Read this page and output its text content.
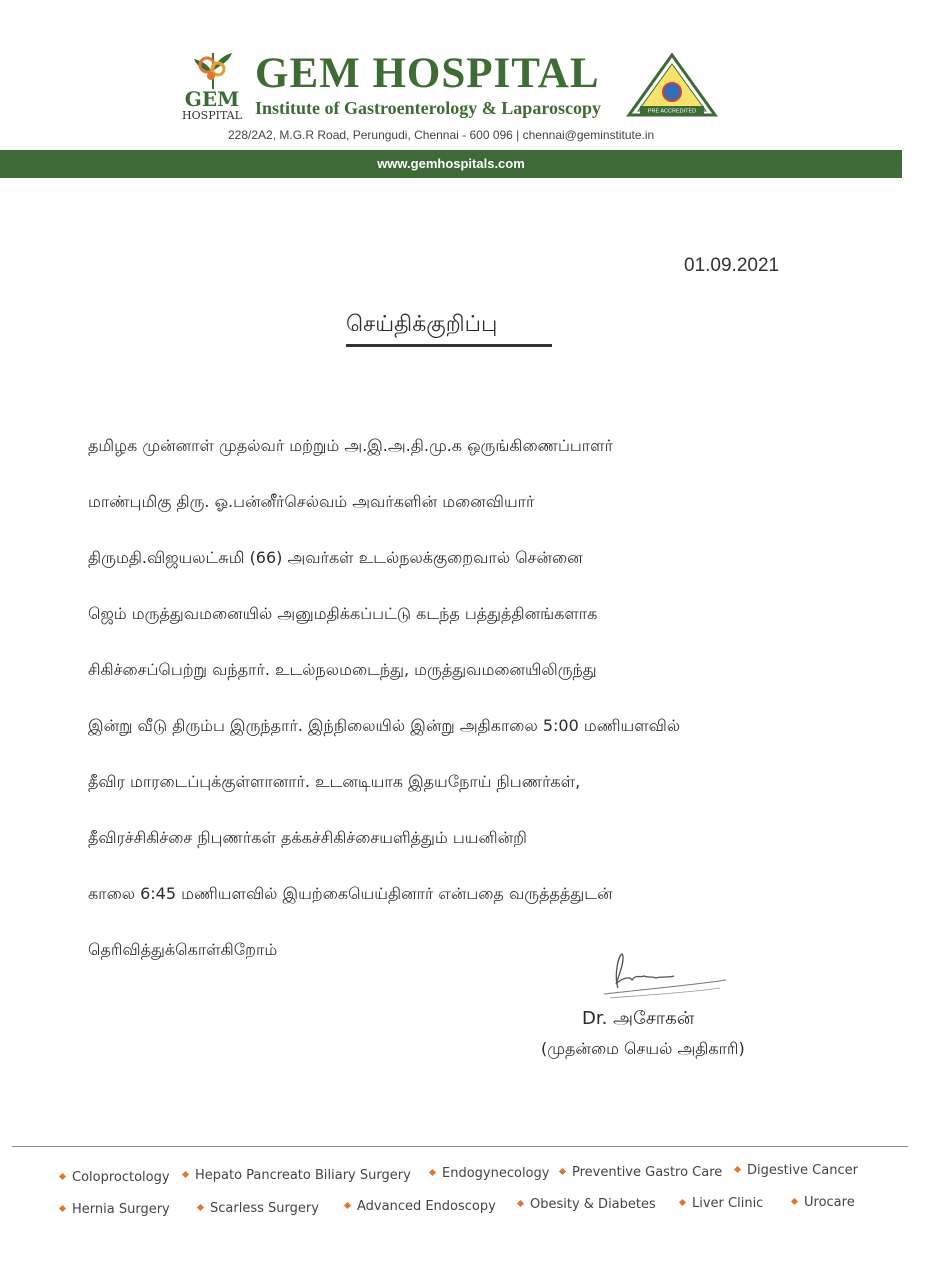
GEM
HOSPITAL
GEM HOSPITAL
Institute of Gastroenterology & Laparoscopy
228/2A2, M.G.R Road, Perungudi, Chennai - 600 096 | chennai@geminstitute.in
PRE ACCREDITED
www.gemhospitals.com
01.09.2021
செய்திக்குறிப்பு
தமிழக முன்னாள் முதல்வர் மற்றும் அ.இ.அ.தி.மு.க ஒருங்கிணைப்பாளர்
மாண்புமிகு திரு. ஓ.பன்னீர்செல்வம் அவர்களின் மனைவியார்
திருமதி.விஜயலட்சுமி (66) அவர்கள் உடல்நலக்குறைவால் சென்னை
ஜெம் மருத்துவமனையில் அனுமதிக்கப்பட்டு கடந்த பத்துத்தினங்களாக
சிகிச்சைப்பெற்று வந்தார். உடல்நலமடைந்து, மருத்துவமனையிலிருந்து
இன்று வீடு திரும்ப இருந்தார். இந்நிலையில் இன்று அதிகாலை 5:00 மணியளவில்
தீவிர மாரடைப்புக்குள்ளானார். உடனடியாக இதயநோய் நிபணர்கள்,
தீவிரச்சிகிச்சை நிபுணர்கள் தக்கச்சிகிச்சையளித்தும் பயனின்றி
காலை 6:45 மணியளவில் இயற்கையெய்தினார் என்பதை வருத்தத்துடன்
தெரிவித்துக்கொள்கிறோம்
Dr. அசோகன்
(முதன்மை செயல் அதிகாரி)
Coloproctology	Hepato Pancreato Biliary Surgery	Endogynecology	Preventive Gastro Care	Digestive Cancer
Hernia Surgery	Scarless Surgery	Advanced Endoscopy	Obesity & Diabetes	Liver Clinic	Urocare
